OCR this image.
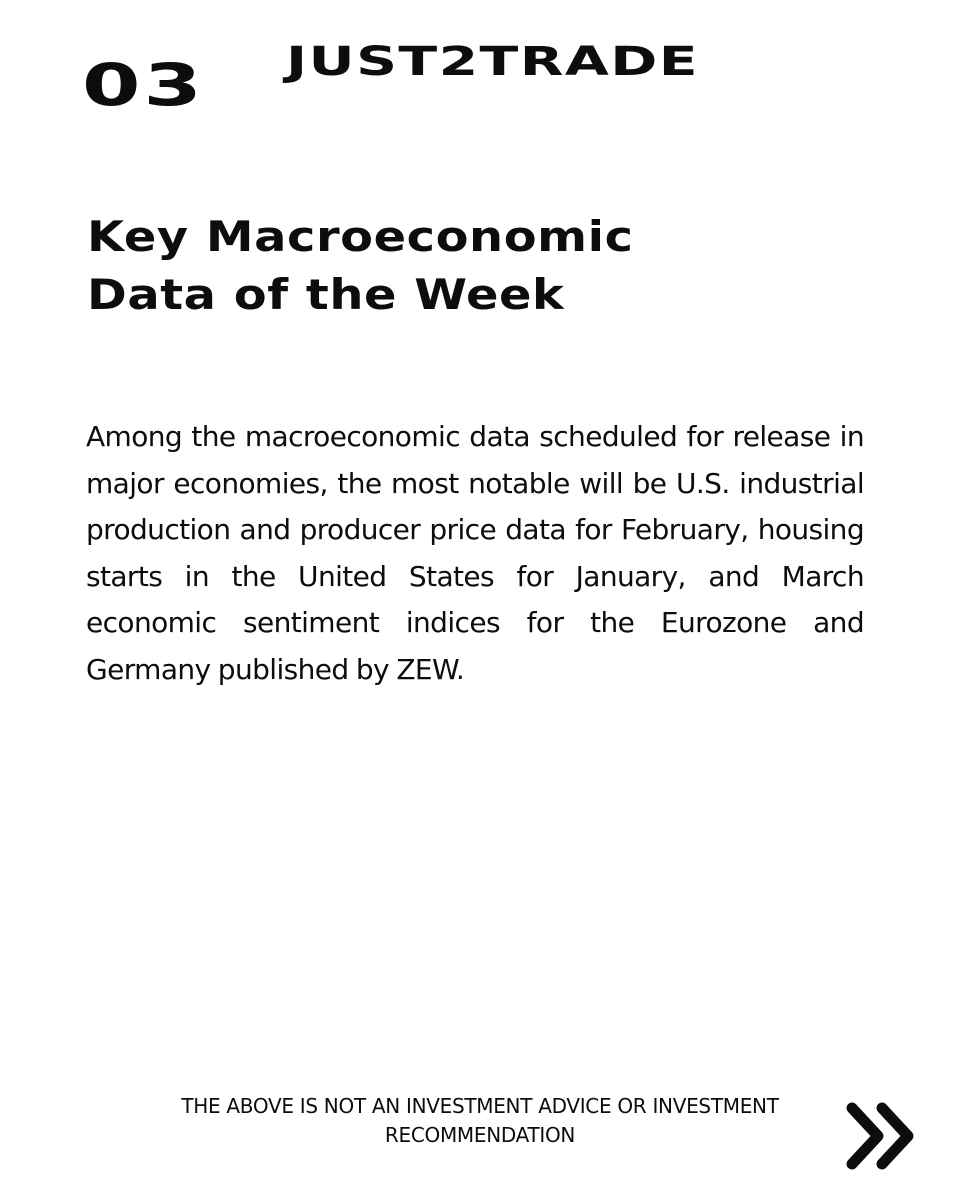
03 JUST2TRADE
Key Macroeconomic
Data of the Week

Among the macroeconomic data scheduled for release in major economies, the most notable will be U.S. industrial production and producer price data for February, housing starts in the United States for January, and March economic sentiment indices for the Eurozone and Germany published by ZEW.

THE ABOVE IS NOT AN INVESTMENT ADVICE OR INVESTMENT
RECOMMENDATION
